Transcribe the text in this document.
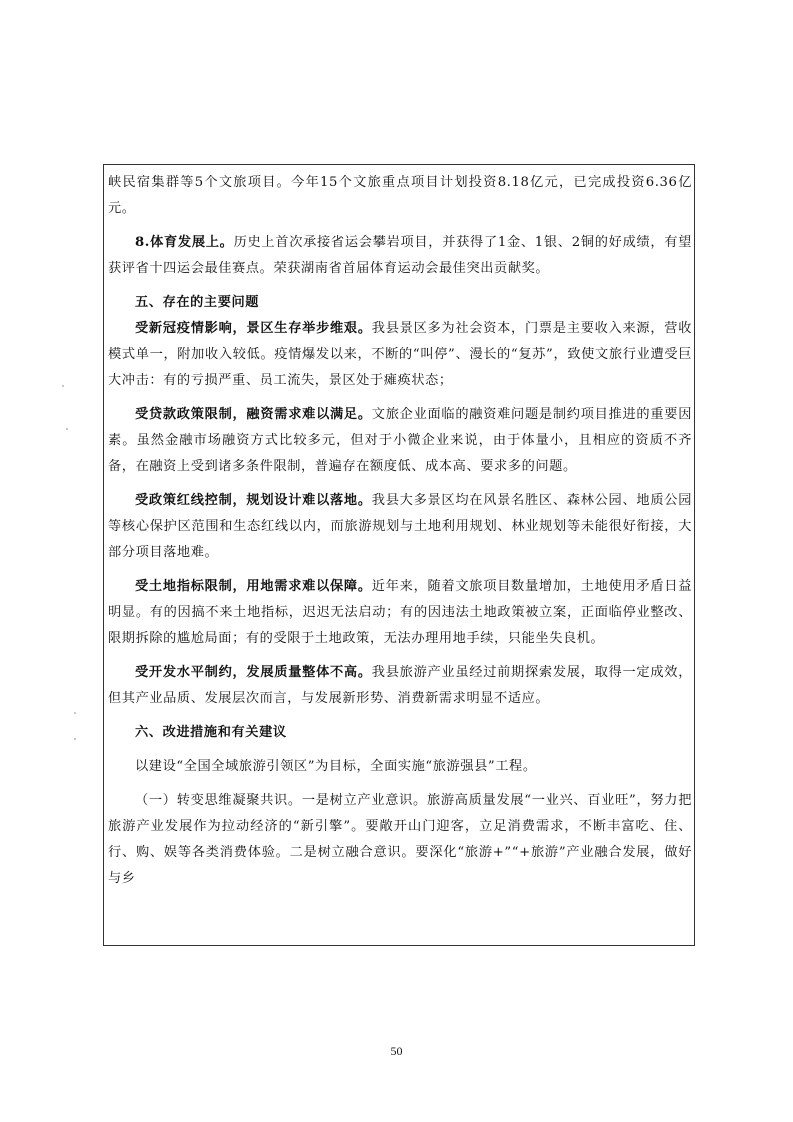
峡民宿集群等5个文旅项目。今年15个文旅重点项目计划投资8.18亿元，已完成投资6.36亿元。

8.体育发展上。历史上首次承接省运会攀岩项目，并获得了1金、1银、2铜的好成绩，有望获评省十四运会最佳赛点。荣获湖南省首届体育运动会最佳突出贡献奖。

五、存在的主要问题

受新冠疫情影响，景区生存举步维艰。我县景区多为社会资本，门票是主要收入来源，营收模式单一，附加收入较低。疫情爆发以来，不断的“叫停”、漫长的“复苏”，致使文旅行业遭受巨大冲击：有的亏损严重、员工流失，景区处于瘫痪状态；

受贷款政策限制，融资需求难以满足。文旅企业面临的融资难问题是制约项目推进的重要因素。虽然金融市场融资方式比较多元，但对于小微企业来说，由于体量小，且相应的资质不齐备，在融资上受到诸多条件限制，普遍存在额度低、成本高、要求多的问题。

受政策红线控制，规划设计难以落地。我县大多景区均在风景名胜区、森林公园、地质公园等核心保护区范围和生态红线以内，而旅游规划与土地利用规划、林业规划等未能很好衔接，大部分项目落地难。

受土地指标限制，用地需求难以保障。近年来，随着文旅项目数量增加，土地使用矛盾日益明显。有的因搞不来土地指标，迟迟无法启动；有的因违法土地政策被立案，正面临停业整改、限期拆除的尴尬局面；有的受限于土地政策，无法办理用地手续，只能坐失良机。

受开发水平制约，发展质量整体不高。我县旅游产业虽经过前期探索发展，取得一定成效，但其产业品质、发展层次而言，与发展新形势、消费新需求明显不适应。

六、改进措施和有关建议

以建设“全国全域旅游引领区”为目标，全面实施“旅游强县”工程。

（一）转变思维凝聚共识。一是树立产业意识。旅游高质量发展“一业兴、百业旺”，努力把旅游产业发展作为拉动经济的“新引擎”。要敞开山门迎客，立足消费需求，不断丰富吃、住、行、购、娱等各类消费体验。二是树立融合意识。要深化“旅游+”“+旅游”产业融合发展，做好与乡

50
